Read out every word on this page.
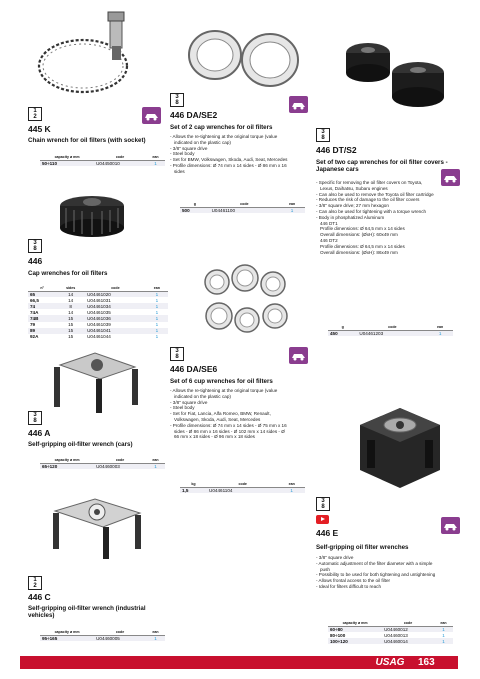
1
2
445 K
Chain wrench for oil filters (with socket)
capacity ø mm	code	ean
50÷110	U04450010	1
3
8
446
Cap wrenches for oil filters
n°	sides	code	ean
65	14	U04461020	1
66,5	14	U04461031	1
74	8	U04461034	1
74A	14	U04461035	1
74B	15	U04461036	1
79	15	U04461039	1
89	15	U04461041	1
92A	15	U04461044	1
3
8
446 A
Self-gripping oil-filter wrench (cars)
capacity ø mm	code	ean
65÷120	U04460003	1
1
2
446 C
Self-gripping oil-filter wrench (industrial vehicles)
capacity ø mm	code	ean
95÷165	U04460005	1
3
8
446 DA/SE2
Set of 2 cap wrenches for oil filters
- Allows the re-tightening at the original torque (value
indicated on the plastic cap)
- 3/8" square drive
- Steel body
- Set for BMW, Volkswagen, Skoda, Audi, Seat, Mercedes
- Profile dimensions: Ø 74 mm x 14 sides - Ø 86 mm x 16
sides
g	code	ean
500	U04461100	1
3
8
446 DA/SE6
Set of 6 cup wrenches for oil filters
- Allows the re-tightening at the original torque (value
indicated on the plastic cap)
- 3/8" square drive
- Steel body
- Set for Fiat, Lancia, Alfa Romeo, BMW, Renault,
Volkswagen, Skoda, Audi, Seat, Mercedes
- Profile dimensions: Ø 74 mm x 14 sides - Ø 75 mm x 16
sides - Ø 86 mm x 16 sides - Ø 102 mm x 14 sides - Ø
66 mm x 18 sides - Ø 96 mm x 18 sides
kg	code	ean
1,5	U04461104	1
3
8
446 DT/S2
Set of two cap wrenches for oil filter covers - Japanese cars
- Specific for removing the oil filter covers on Toyota,
Lexus, Daihatsu, Subaru engines
- Can also be used to remove the Toyota oil filter cartridge
- Reduces the risk of damage to the oil filter covers
- 3/8" square drive; 27 mm hexagon
- Can also be used for tightening with a torque wrench
- Body in phosphatized Aluminum
446 DT1
Profile dimensions: Ø 64,5 mm x 14 sides
Overall dimensions: (ØxH): 60x49 mm
446 DT2
Profile dimensions: Ø 64,5 mm x 14 sides
Overall dimensions: (ØxH): 86x49 mm
g	code	ean
450	U04461203	1
3
8
446 E
Self-gripping oil filter wrenches
- 3/8" square drive
- Automatic adjustment of the filter diameter with a simple
push
- Possibility to be used for both tightening and untightening
- Allows frontal access to the oil filter
- Ideal for filters difficult to reach
capacity ø mm	code	ean
60÷80	U04460012	1
80÷100	U04460013	1
100÷120	U04460014	1
USAG	163
